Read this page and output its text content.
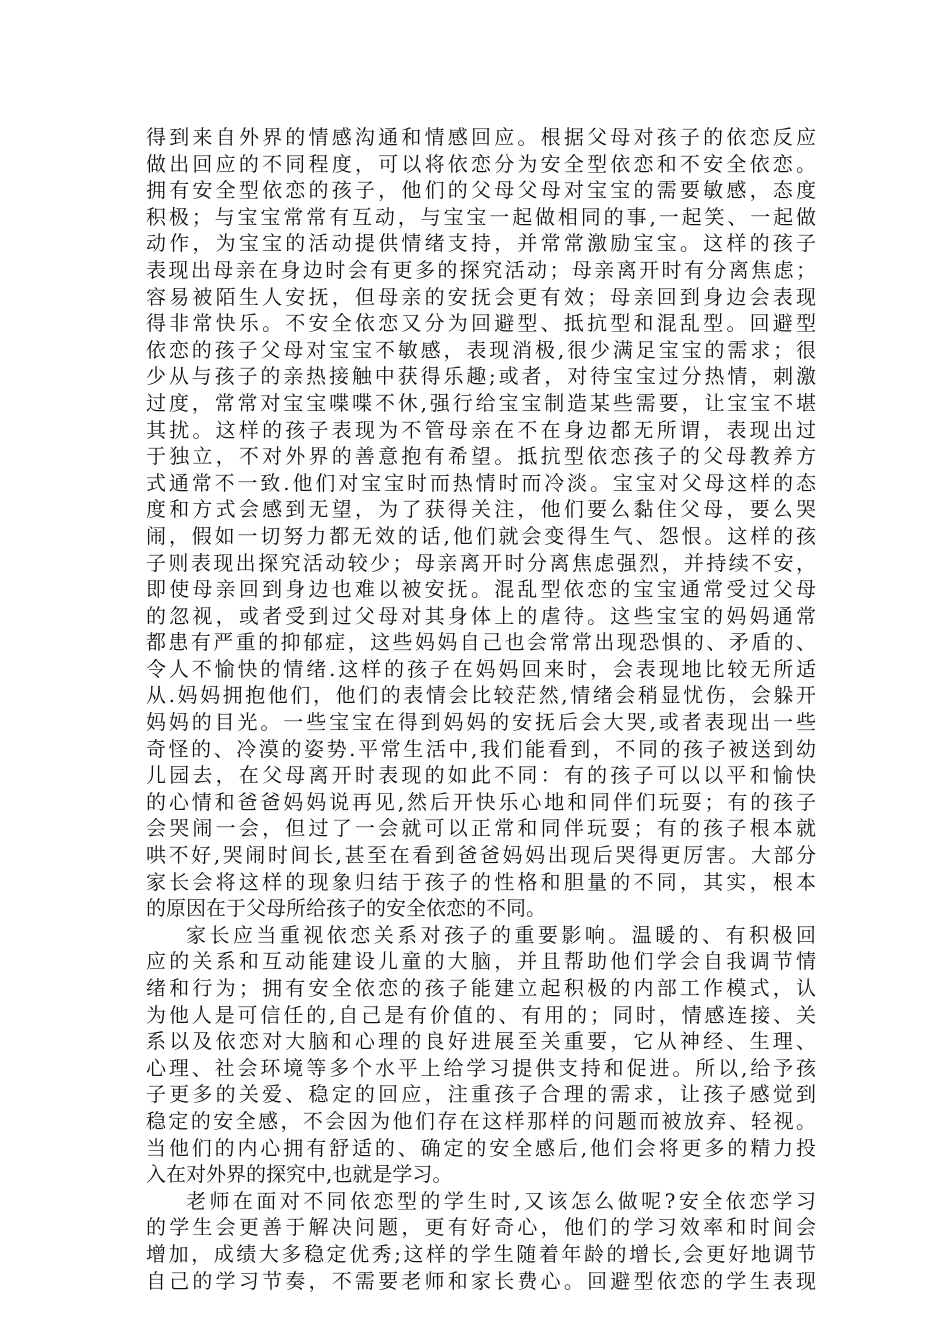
得到来自外界的情感沟通和情感回应。根据父母对孩子的依恋反应
做出回应的不同程度，可以将依恋分为安全型依恋和不安全依恋。
拥有安全型依恋的孩子，他们的父母父母对宝宝的需要敏感，态度
积极；与宝宝常常有互动，与宝宝一起做相同的事,一起笑、一起做
动作，为宝宝的活动提供情绪支持，并常常激励宝宝。这样的孩子
表现出母亲在身边时会有更多的探究活动；母亲离开时有分离焦虑；
容易被陌生人安抚，但母亲的安抚会更有效；母亲回到身边会表现
得非常快乐。不安全依恋又分为回避型、抵抗型和混乱型。回避型
依恋的孩子父母对宝宝不敏感，表现消极,很少满足宝宝的需求；很
少从与孩子的亲热接触中获得乐趣;或者，对待宝宝过分热情，刺激
过度，常常对宝宝喋喋不休,强行给宝宝制造某些需要，让宝宝不堪
其扰。这样的孩子表现为不管母亲在不在身边都无所谓，表现出过
于独立，不对外界的善意抱有希望。抵抗型依恋孩子的父母教养方
式通常不一致.他们对宝宝时而热情时而冷淡。宝宝对父母这样的态
度和方式会感到无望，为了获得关注，他们要么黏住父母，要么哭
闹，假如一切努力都无效的话,他们就会变得生气、怨恨。这样的孩
子则表现出探究活动较少；母亲离开时分离焦虑强烈，并持续不安，
即使母亲回到身边也难以被安抚。混乱型依恋的宝宝通常受过父母
的忽视，或者受到过父母对其身体上的虐待。这些宝宝的妈妈通常
都患有严重的抑郁症，这些妈妈自己也会常常出现恐惧的、矛盾的、
令人不愉快的情绪.这样的孩子在妈妈回来时，会表现地比较无所适
从.妈妈拥抱他们，他们的表情会比较茫然,情绪会稍显忧伤，会躲开
妈妈的目光。一些宝宝在得到妈妈的安抚后会大哭,或者表现出一些
奇怪的、冷漠的姿势.平常生活中,我们能看到，不同的孩子被送到幼
儿园去，在父母离开时表现的如此不同：有的孩子可以以平和愉快
的心情和爸爸妈妈说再见,然后开快乐心地和同伴们玩耍；有的孩子
会哭闹一会，但过了一会就可以正常和同伴玩耍；有的孩子根本就
哄不好,哭闹时间长,甚至在看到爸爸妈妈出现后哭得更厉害。大部分
家长会将这样的现象归结于孩子的性格和胆量的不同，其实，根本
的原因在于父母所给孩子的安全依恋的不同。
家长应当重视依恋关系对孩子的重要影响。温暖的、有积极回
应的关系和互动能建设儿童的大脑，并且帮助他们学会自我调节情
绪和行为；拥有安全依恋的孩子能建立起积极的内部工作模式，认
为他人是可信任的,自己是有价值的、有用的；同时，情感连接、关
系以及依恋对大脑和心理的良好进展至关重要，它从神经、生理、
心理、社会环境等多个水平上给学习提供支持和促进。所以,给予孩
子更多的关爱、稳定的回应，注重孩子合理的需求，让孩子感觉到
稳定的安全感，不会因为他们存在这样那样的问题而被放弃、轻视。
当他们的内心拥有舒适的、确定的安全感后,他们会将更多的精力投
入在对外界的探究中,也就是学习。
老师在面对不同依恋型的学生时,又该怎么做呢?安全依恋学习
的学生会更善于解决问题，更有好奇心，他们的学习效率和时间会
增加，成绩大多稳定优秀;这样的学生随着年龄的增长,会更好地调节
自己的学习节奏，不需要老师和家长费心。回避型依恋的学生表现
